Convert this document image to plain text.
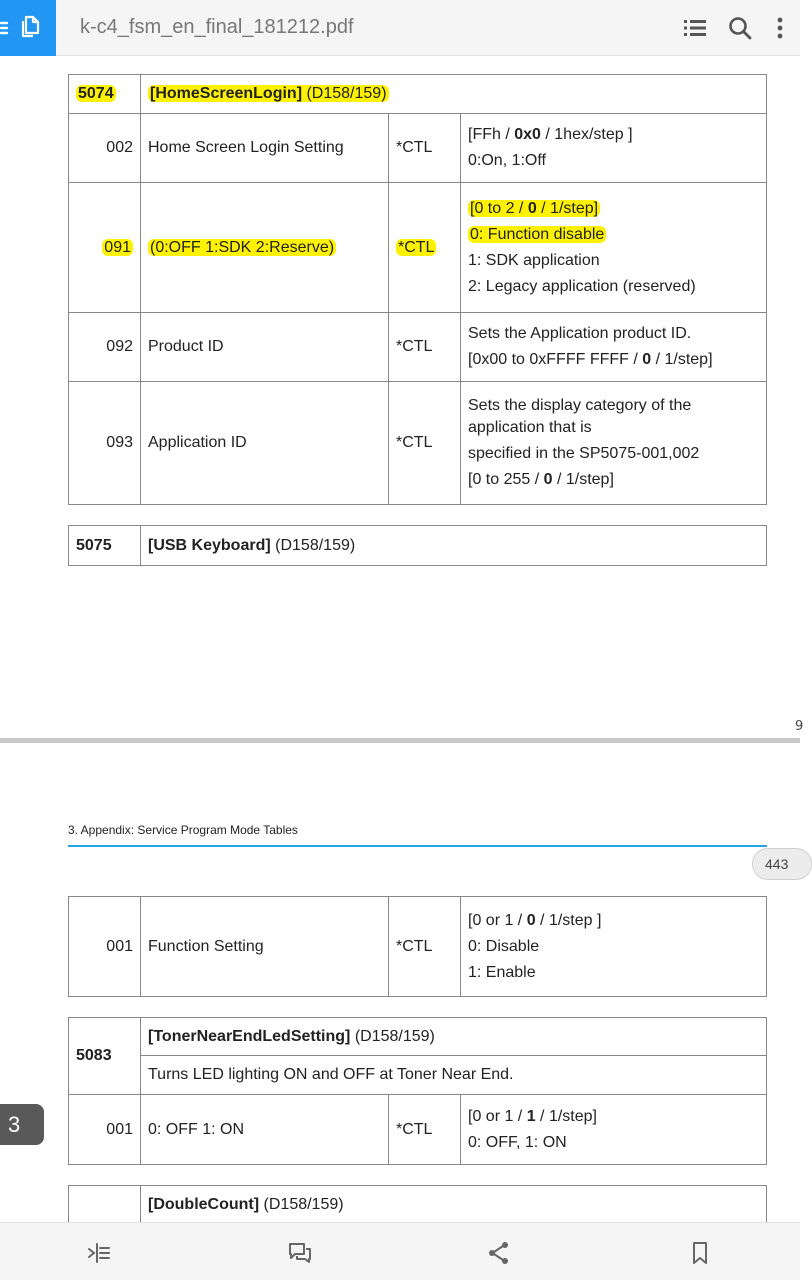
k-c4_fsm_en_final_181212.pdf
5074	[HomeScreenLogin] (D158/159)		
002	Home Screen Login Setting	*CTL	[FFh / 0x0 / 1hex/step ]
0:On, 1:Off

091	(0:OFF 1:SDK 2:Reserve)	*CTL	[0 to 2 / 0 / 1/step]
0: Function disable
1: SDK application
2: Legacy application (reserved)

092	Product ID	*CTL	Sets the Application product ID.
[0x00 to 0xFFFF FFFF / 0 / 1/step]

093	Application ID	*CTL	Sets the display category of the application that is
specified in the SP5075-001,002
[0 to 255 / 0 / 1/step]
5075	[USB Keyboard] (D158/159)
9
3. Appendix: Service Program Mode Tables
443
001	Function Setting	*CTL	
[0 or 1 / 0 / 1/step ]
0: Disable
1: Enable
5083	[TonerNearEndLedSetting] (D158/159)		
	Turns LED lighting ON and OFF at Toner Near End.		
001	0: OFF 1: ON	*CTL	[0 or 1 / 1 / 1/step]
0: OFF, 1: ON
	[DoubleCount] (D158/159)
3
